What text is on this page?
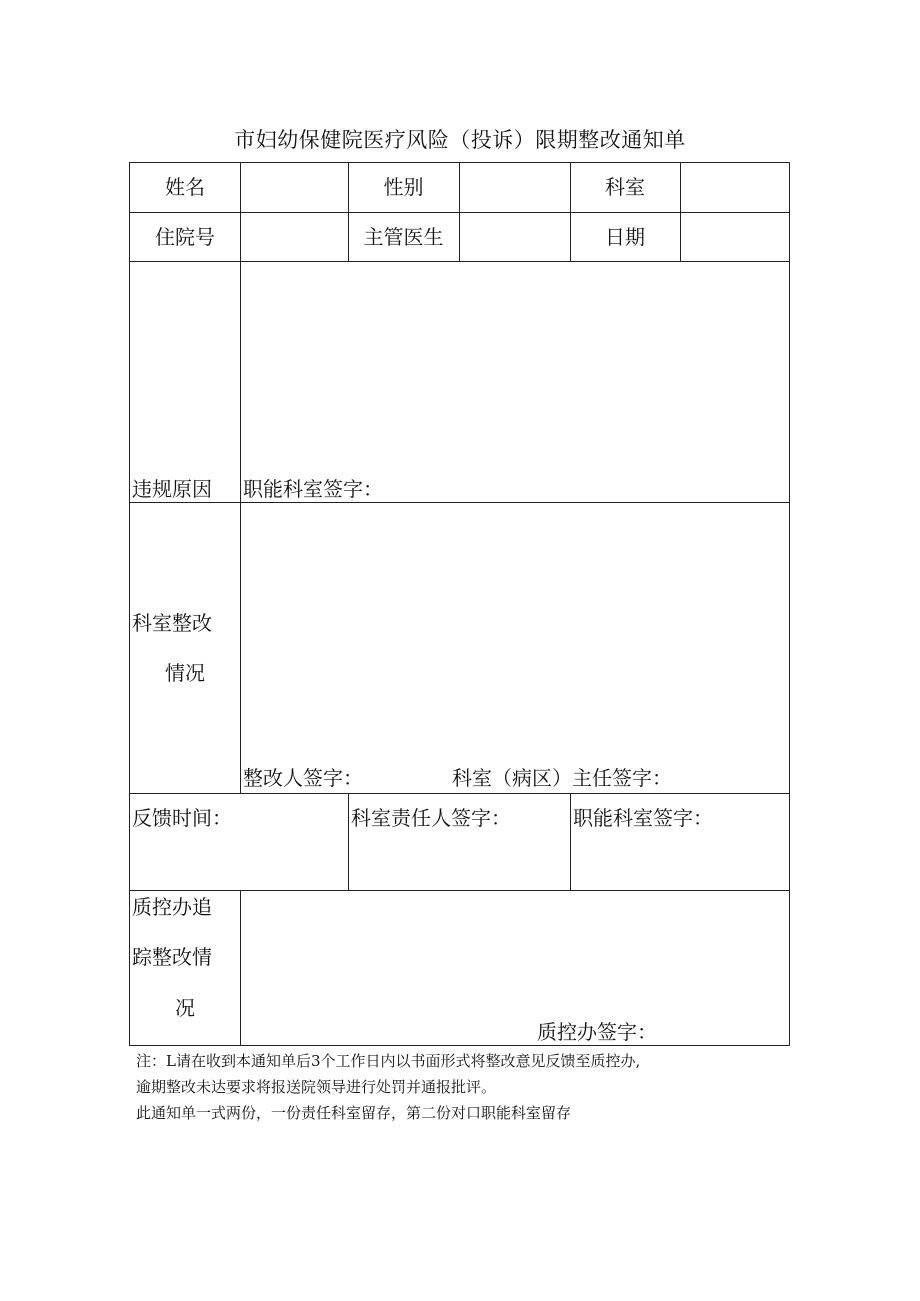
市妇幼保健院医疗风险（投诉）限期整改通知单
姓名	性别	科室
住院号	主管医生	日期
违规原因 职能科室签字：
科室整改
情况
整改人签字：	科室（病区）主任签字：
反馈时间：	科室责任人签字：	职能科室签字：
质控办追
踪整改情
况
质控办签字：
注：L请在收到本通知单后3个工作日内以书面形式将整改意见反馈至质控办,
逾期整改未达要求将报送院领导进行处罚并通报批评。
此通知单一式两份，一份责任科室留存，第二份对口职能科室留存
